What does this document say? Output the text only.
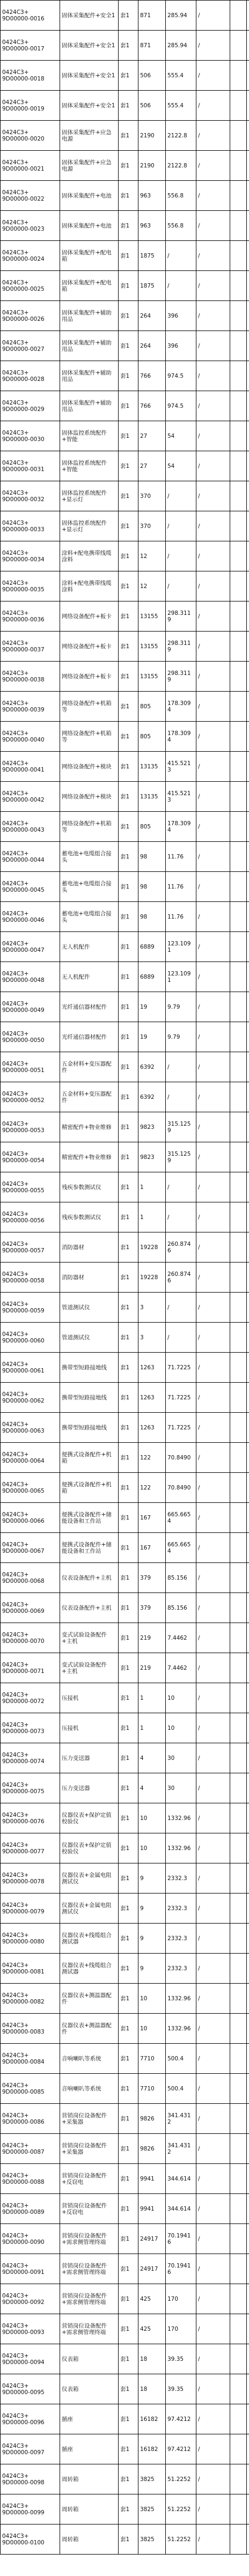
0424C3+
9D00000-0016	固体采集配件+安全1	套1	871	285.94	/		
0424C3+
9D00000-0017	固体采集配件+安全1	套1	871	285.94	/		
0424C3+
9D00000-0018	固体采集配件+安全1	套1	506	555.4	/		
0424C3+
9D00000-0019	固体采集配件+安全1	套1	506	555.4	/		
0424C3+
9D00000-0020	固体采集配件+应急电源	套1	2190	2122.8	/		
0424C3+
9D00000-0021	固体采集配件+应急电源	套1	2190	2122.8	/		
0424C3+
9D00000-0022	固体采集配件+电池	套1	963	556.8	/		
0424C3+
9D00000-0023	固体采集配件+电池	套1	963	556.8	/		
0424C3+
9D00000-0024	固体采集配件+配电箱	套1	1875	/	/		
0424C3+
9D00000-0025	固体采集配件+配电箱	套1	1875	/	/		
0424C3+
9D00000-0026	固体采集配件+辅助用品	套1	264	396	/		
0424C3+
9D00000-0027	固体采集配件+辅助用品	套1	264	396	/		
0424C3+
9D00000-0028	固体采集配件+辅助用品	套1	766	974.5	/		
0424C3+
9D00000-0029	固体采集配件+辅助用品	套1	766	974.5	/		
0424C3+
9D00000-0030	固体监控系统配件+智能	套1	27	54	/		
0424C3+
9D00000-0031	固体监控系统配件+智能	套1	27	54	/		
0424C3+
9D00000-0032	固体监控系统配件+显示灯	套1	370	/	/		
0424C3+
9D00000-0033	固体监控系统配件+显示灯	套1	370	/	/		
0424C3+
9D00000-0034	涂料+配电携带线缆涂料	套1	12	/	/		
0424C3+
9D00000-0035	涂料+配电携带线缆涂料	套1	12	/	/		
0424C3+
9D00000-0036	网络设备配件+板卡	套1	13155	298.3119	/		
0424C3+
9D00000-0037	网络设备配件+板卡	套1	13155	298.3119	/		
0424C3+
9D00000-0038	网络设备配件+板卡	套1	13155	298.3119	/		
0424C3+
9D00000-0039	网络设备配件+机箱等	套1	805	178.3094	/		
0424C3+
9D00000-0040	网络设备配件+机箱等	套1	805	178.3094	/		
0424C3+
9D00000-0041	网络设备配件+模块	套1	13135	415.5213	/		
0424C3+
9D00000-0042	网络设备配件+模块	套1	13135	415.5213	/		
0424C3+
9D00000-0043	网络设备配件+机箱等	套1	805	178.3094	/		
0424C3+
9D00000-0044	蓄电池+电缆组合接头	套1	98	11.76	/		
0424C3+
9D00000-0045	蓄电池+电缆组合接头	套1	98	11.76	/		
0424C3+
9D00000-0046	蓄电池+电缆组合接头	套1	98	11.76	/		
0424C3+
9D00000-0047	无人机配件	套1	6889	123.1091	/		
0424C3+
9D00000-0048	无人机配件	套1	6889	123.1091	/		
0424C3+
9D00000-0049	光纤通信器材配件	套1	19	9.79	/		
0424C3+
9D00000-0050	光纤通信器材配件	套1	19	9.79	/		
0424C3+
9D00000-0051	五金材料+变压器配件	套1	6392	/	/		
0424C3+
9D00000-0052	五金材料+变压器配件	套1	6392	/	/		
0424C3+
9D00000-0053	精密配件+物业维修	套1	9823	315.1259	/		
0424C3+
9D00000-0054	精密配件+物业维修	套1	9823	315.1259	/		
0424C3+
9D00000-0055	残疾参数测试仪	套1	1	/	/		
0424C3+
9D00000-0056	残疾参数测试仪	套1	1	/	/		
0424C3+
9D00000-0057	消防器材	套1	19228	260.8746	/		
0424C3+
9D00000-0058	消防器材	套1	19228	260.8746	/		
0424C3+
9D00000-0059	管道测试仪	套1	3	/	/		
0424C3+
9D00000-0060	管道测试仪	套1	3	/	/		
0424C3+
9D00000-0061	携带型短路接地线	套1	1263	71.7225	/		
0424C3+
9D00000-0062	携带型短路接地线	套1	1263	71.7225	/		
0424C3+
9D00000-0063	携带型短路接地线	套1	1263	71.7225	/		
0424C3+
9D00000-0064	便携式设备配件+机箱	套1	122	70.8490	/		
0424C3+
9D00000-0065	便携式设备配件+机箱	套1	122	70.8490	/		
0424C3+
9D00000-0066	便携式设备配件+储能设备和工作站	套1	167	665.6654	/		
0424C3+
9D00000-0067	便携式设备配件+储能设备和工作站	套1	167	665.6654	/		
0424C3+
9D00000-0068	仪表设备配件+主机	套1	379	85.156	/		
0424C3+
9D00000-0069	仪表设备配件+主机	套1	379	85.156	/		
0424C3+
9D00000-0070	变式试验设备配件+主机	套1	219	7.4462	/		
0424C3+
9D00000-0071	变式试验设备配件+主机	套1	219	7.4462	/		
0424C3+
9D00000-0072	压接机	套1	1	10	/		
0424C3+
9D00000-0073	压接机	套1	1	10	/		
0424C3+
9D00000-0074	压力变送器	套1	4	30	/		
0424C3+
9D00000-0075	压力变送器	套1	4	30	/		
0424C3+
9D00000-0076	仪器仪表+保护定值校验仪	套1	10	1332.96	/		
0424C3+
9D00000-0077	仪器仪表+保护定值校验仪	套1	10	1332.96	/		
0424C3+
9D00000-0078	仪器仪表+金属电阻测试仪	套1	9	2332.3	/		
0424C3+
9D00000-0079	仪器仪表+金属电阻测试仪	套1	9	2332.3	/		
0424C3+
9D00000-0080	仪器仪表+线缆组合测试器	套1	9	2332.3	/		
0424C3+
9D00000-0081	仪器仪表+线缆组合测试器	套1	9	2332.3	/		
0424C3+
9D00000-0082	仪器仪表+测温器配件	套1	10	1332.96	/		
0424C3+
9D00000-0083	仪器仪表+测温器配件	套1	10	1332.96	/		
0424C3+
9D00000-0084	音响喇叭等系统	套1	7710	500.4	/		
0424C3+
9D00000-0085	音响喇叭等系统	套1	7710	500.4	/		
0424C3+
9D00000-0086	营销岗位设备配件+采集器	套1	9826	341.4312	/		
0424C3+
9D00000-0087	营销岗位设备配件+采集器	套1	9826	341.4312	/		
0424C3+
9D00000-0088	营销岗位设备配件+反窃电	套1	9941	344.614	/		
0424C3+
9D00000-0089	营销岗位设备配件+反窃电	套1	9941	344.614	/		
0424C3+
9D00000-0090	营销岗位设备配件+需求侧管理终端	套1	24917	70.19416	/		
0424C3+
9D00000-0091	营销岗位设备配件+需求侧管理终端	套1	24917	70.19416	/		
0424C3+
9D00000-0092	营销岗位设备配件+需求侧管理终端	套1	425	170	/		
0424C3+
9D00000-0093	营销岗位设备配件+需求侧管理终端	套1	425	170	/		
0424C3+
9D00000-0094	仪表箱	套1	18	39.35	/		
0424C3+
9D00000-0095	仪表箱	套1	18	39.35	/		
0424C3+
9D00000-0096	插座	套1	16182	97.4212	/		
0424C3+
9D00000-0097	插座	套1	16182	97.4212	/		
0424C3+
9D00000-0098	周转箱	套1	3825	51.2252	/		
0424C3+
9D00000-0099	周转箱	套1	3825	51.2252	/		
0424C3+
9D00000-0100	周转箱	套1	3825	51.2252	/		
